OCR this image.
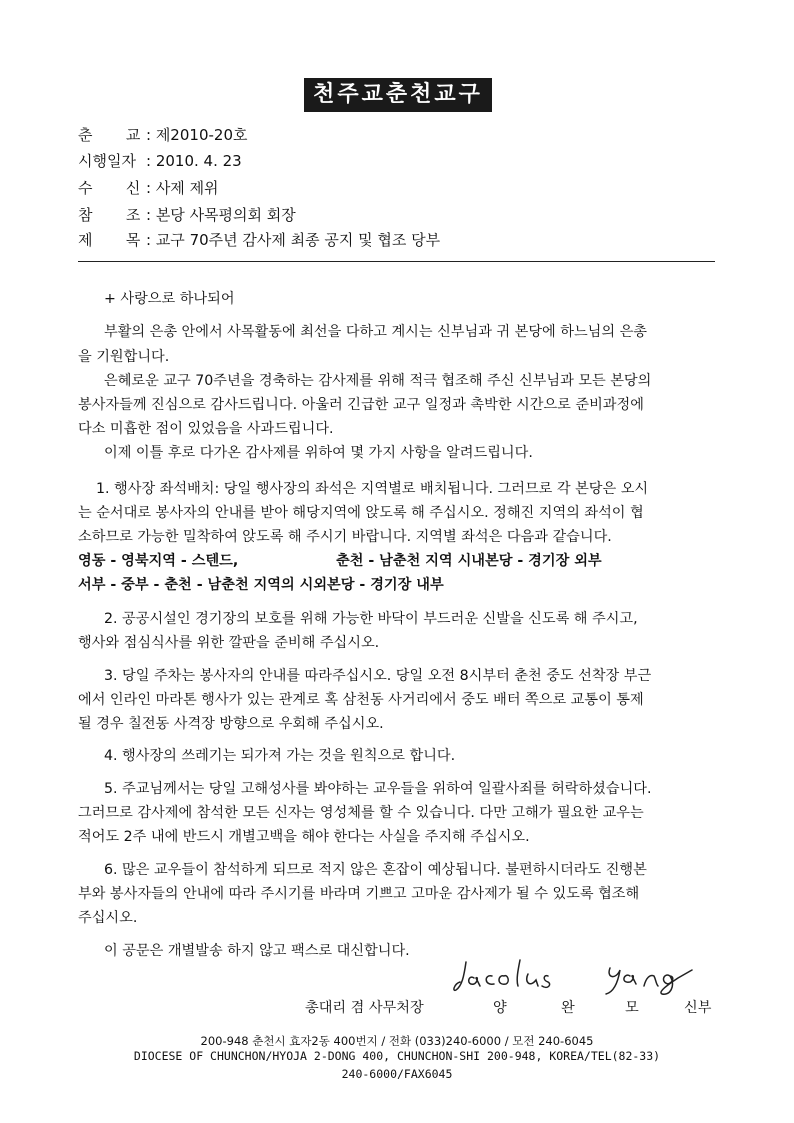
천주교춘천교구
춘       교 : 제2010-20호
시행일자 : 2010. 4. 23
수       신 : 사제 제위
참       조 : 본당 사목평의회 회장
제       목 : 교구 70주년 감사제 최종 공지 및 협조 당부
+ 사랑으로 하나되어
부활의 은총 안에서 사목활동에 최선을 다하고 계시는 신부님과 귀 본당에 하느님의 은총
을 기원합니다.
은혜로운 교구 70주년을 경축하는 감사제를 위해 적극 협조해 주신 신부님과 모든 본당의
봉사자들께 진심으로 감사드립니다. 아울러 긴급한 교구 일정과 촉박한 시간으로 준비과정에
다소 미흡한 점이 있었음을 사과드립니다.
이제 이틀 후로 다가온 감사제를 위하여 몇 가지 사항을 알려드립니다.
1. 행사장 좌석배치: 당일 행사장의 좌석은 지역별로 배치됩니다. 그러므로 각 본당은 오시
는 순서대로 봉사자의 안내를 받아 해당지역에 앉도록 해 주십시오. 정해진 지역의 좌석이 협
소하므로 가능한 밀착하여 앉도록 해 주시기 바랍니다. 지역별 좌석은 다음과 같습니다.
영동 - 영북지역 - 스텐드,	춘천 - 남춘천 지역 시내본당 - 경기장 외부
서부 - 중부 - 춘천 - 남춘천 지역의 시외본당 - 경기장 내부
2. 공공시설인 경기장의 보호를 위해 가능한 바닥이 부드러운 신발을 신도록 해 주시고,
행사와 점심식사를 위한 깔판을 준비해 주십시오.
3. 당일 주차는 봉사자의 안내를 따라주십시오. 당일 오전 8시부터 춘천 중도 선착장 부근
에서 인라인 마라톤 행사가 있는 관계로 혹 삼천동 사거리에서 중도 배터 쪽으로 교통이 통제
될 경우 칠전동 사격장 방향으로 우회해 주십시오.
4. 행사장의 쓰레기는 되가져 가는 것을 원칙으로 합니다.
5. 주교님께서는 당일 고해성사를 봐야하는 교우들을 위하여 일괄사죄를 허락하셨습니다.
그러므로 감사제에 참석한 모든 신자는 영성체를 할 수 있습니다. 다만 고해가 필요한 교우는
적어도 2주 내에 반드시 개별고백을 해야 한다는 사실을 주지해 주십시오.
6. 많은 교우들이 참석하게 되므로 적지 않은 혼잡이 예상됩니다. 불편하시더라도 진행본
부와 봉사자들의 안내에 따라 주시기를 바라며 기쁘고 고마운 감사제가 될 수 있도록 협조해
주십시오.
이 공문은 개별발송 하지 않고 팩스로 대신합니다.
총대리 겸 사무처장	양	완	모	신부
200-948 춘천시 효자2동 400번지 / 전화 (033)240-6000 / 모전 240-6045
DIOCESE OF CHUNCHON/HYOJA 2-DONG 400, CHUNCHON-SHI 200-948, KOREA/TEL(82-33)
240-6000/FAX6045
